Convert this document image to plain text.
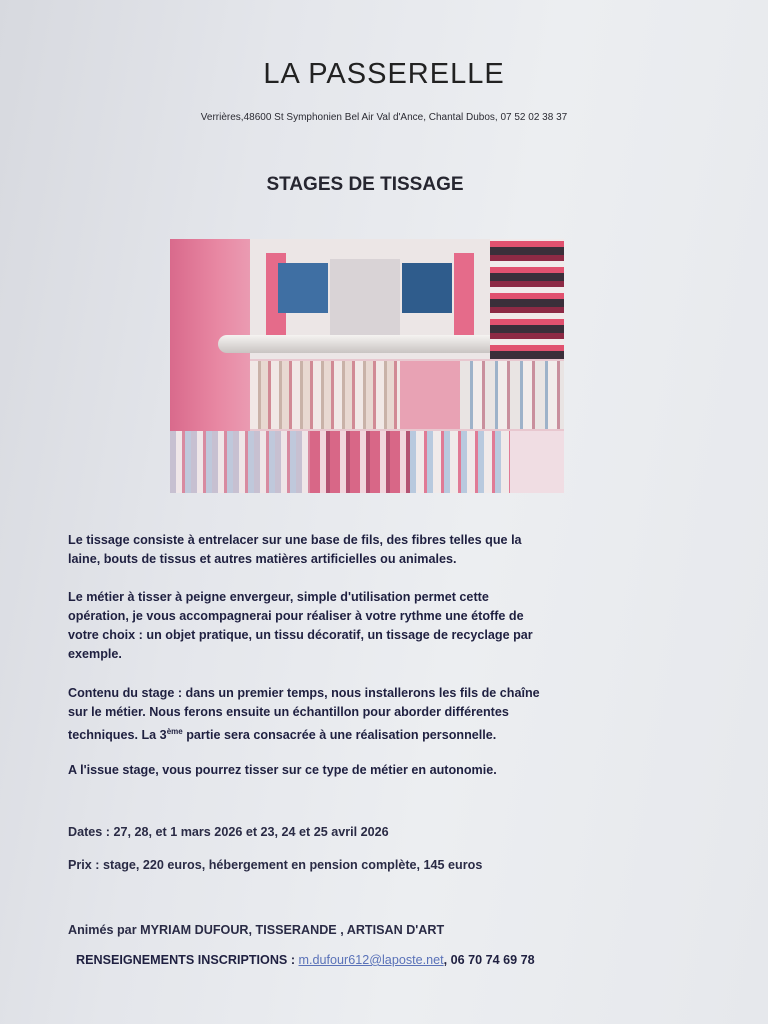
LA PASSERELLE
Verrières,48600 St Symphonien Bel Air Val d'Ance, Chantal Dubos, 07 52 02 38 37
STAGES DE TISSAGE
Le tissage consiste à entrelacer sur une base de fils, des fibres telles que la
laine, bouts de tissus et autres matières artificielles ou animales.
Le métier à tisser à peigne envergeur, simple d'utilisation permet cette
opération, je vous accompagnerai pour réaliser à votre rythme une étoffe de
votre choix : un objet pratique, un tissu décoratif, un tissage de recyclage par
exemple.
Contenu du stage : dans un premier temps, nous installerons les fils de chaîne
sur le métier. Nous ferons ensuite un échantillon pour aborder différentes
techniques. La 3ème partie sera consacrée à une réalisation personnelle.
A l'issue stage, vous pourrez tisser sur ce type de métier en autonomie.
Dates : 27, 28, et 1 mars 2026 et 23, 24 et 25 avril 2026
Prix : stage, 220 euros, hébergement en pension complète, 145 euros
Animés par MYRIAM DUFOUR, TISSERANDE , ARTISAN D'ART
RENSEIGNEMENTS INSCRIPTIONS : m.dufour612@laposte.net, 06 70 74 69 78
